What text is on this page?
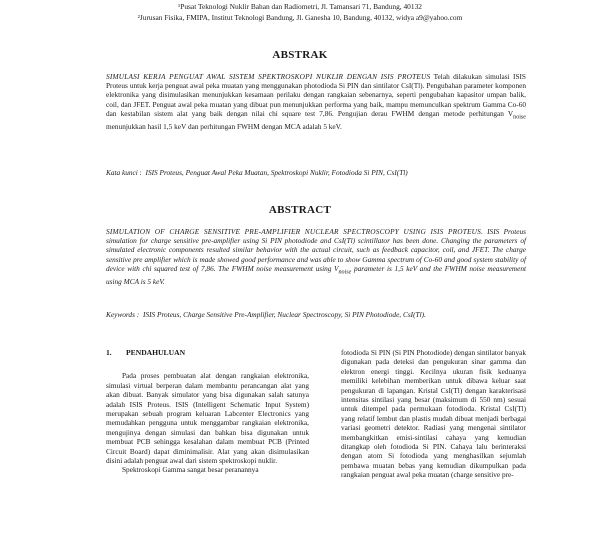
¹Pusat Teknologi Nuklir Bahan dan Radiometri, Jl. Tamansari 71, Bandung, 40132
²Jurusan Fisika, FMIPA, Institut Teknologi Bandung, Jl. Ganesha 10, Bandung, 40132, widya a9@yahoo.com
ABSTRAK
SIMULASI KERJA PENGUAT AWAL SISTEM SPEKTROSKOPI NUKLIR DENGAN ISIS PROTEUS Telah dilakukan simulasi ISIS Proteus untuk kerja penguat awal peka muatan yang menggunakan photodioda Si PIN dan sintilator CsI(Tl). Pengubahan parameter komponen elektronika yang disimulasikan menunjukkan kesamaan perilaku dengan rangkaian sebenarnya, seperti pengubahan kapasitor umpan balik, coil, dan JFET. Penguat awal peka muatan yang dibuat pun menunjukkan performa yang baik, mampu memunculkan spektrum Gamma Co-60 dan kestabilan sistem alat yang baik dengan nilai chi square test 7,86. Pengujian derau FWHM dengan metode perhitungan $V_{noise}$ menunjukkan hasil 1,5 keV dan perhitungan FWHM dengan MCA adalah 5 keV.
Kata kunci : ISIS Proteus, Penguat Awal Peka Muatan, Spektroskopi Nuklir, Fotodioda Si PIN, CsI(Tl)
ABSTRACT
SIMULATION OF CHARGE SENSITIVE PRE-AMPLIFIER NUCLEAR SPECTROSCOPY USING ISIS PROTEUS. ISIS Proteus simulation for charge sensitive pre-amplifier using Si PIN photodiode and CsI(Tl) scintillator has been done. Changing the parameters of simulated electronic components resulted similar behavior with the actual circuit, such as feedback capacitor, coil, and JFET. The charge sensitive pre amplifier which is made showed good performance and was able to show Gamma spectrum of Co-60 and good system stability of device with chi squared test of 7,86. The FWHM noise measurement using $V_{noise}$ parameter is 1,5 keV and the FWHM noise measurement using MCA is 5 keV.
Keywords : ISIS Proteus, Charge Sensitive Pre-Amplifier, Nuclear Spectroscopy, Si PIN Photodiode, CsI(Tl).
1. PENDAHULUAN

Pada proses pembuatan alat dengan rangkaian elektronika, simulasi virtual berperan dalam membantu perancangan alat yang akan dibuat. Banyak simulator yang bisa digunakan salah satunya adalah ISIS Proteus. ISIS (Intelligent Schematic Input System) merupakan sebuah program keluaran Labcenter Electronics yang memudahkan pengguna untuk menggambar rangkaian elektronika, mengujinya dengan simulasi dan bahkan bisa digunakan untuk membuat PCB sehingga kesalahan dalam membuat PCB (Printed Circuit Board) dapat diminimalisir. Alat yang akan disimulasikan disini adalah penguat awal dari sistem spektroskopi nuklir.

Spektroskopi Gamma sangat besar peranannya

fotodioda Si PIN (Si PIN Photodiode) dengan sintilator banyak digunakan pada deteksi dan pengukuran sinar gamma dan elektron energi tinggi. Kecilnya ukuran fisik keduanya memiliki kelebihan memberikan untuk dibawa keluar saat pengukuran di lapangan. Kristal CsI(Tl) dengan karakterisasi intensitas sintilasi yang besar (maksimum di 550 nm) sesuai untuk ditempel pada permukaan fotodioda. Kristal CsI(Tl) yang relatif lembut dan plastis mudah dibuat menjadi berbagai variasi geometri detektor. Radiasi yang mengenai sintilator membangkitkan emisi-sintilasi cahaya yang kemudian ditangkap oleh fotodioda Si PIN. Cahaya lalu berinteraksi dengan atom Si fotodioda yang menghasilkan sejumlah pembawa muatan bebas yang kemudian dikumpulkan pada rangkaian penguat awal peka muatan (charge sensitive pre-
